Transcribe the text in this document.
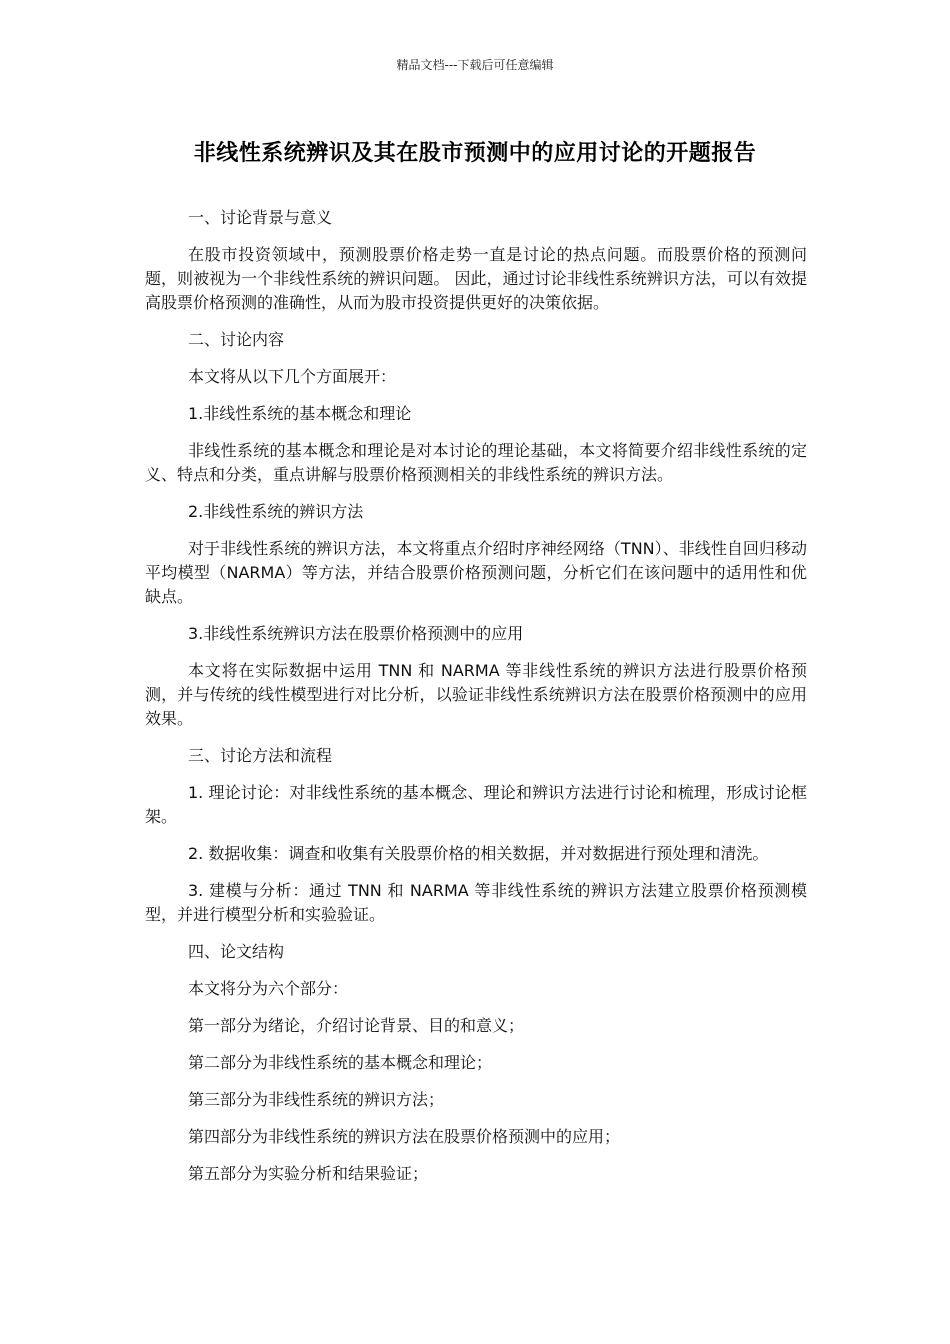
精品文档---下载后可任意编辑
非线性系统辨识及其在股市预测中的应用讨论的开题报告

一、讨论背景与意义

在股市投资领域中，预测股票价格走势一直是讨论的热点问题。而股票价格的预测问题，则被视为一个非线性系统的辨识问题。 因此，通过讨论非线性系统辨识方法，可以有效提高股票价格预测的准确性，从而为股市投资提供更好的决策依据。

二、讨论内容

本文将从以下几个方面展开：

1.非线性系统的基本概念和理论

非线性系统的基本概念和理论是对本讨论的理论基础，本文将简要介绍非线性系统的定义、特点和分类，重点讲解与股票价格预测相关的非线性系统的辨识方法。

2.非线性系统的辨识方法

对于非线性系统的辨识方法，本文将重点介绍时序神经网络（TNN）、非线性自回归移动平均模型（NARMA）等方法，并结合股票价格预测问题，分析它们在该问题中的适用性和优缺点。

3.非线性系统辨识方法在股票价格预测中的应用

本文将在实际数据中运用 TNN 和 NARMA 等非线性系统的辨识方法进行股票价格预测，并与传统的线性模型进行对比分析，以验证非线性系统辨识方法在股票价格预测中的应用效果。

三、讨论方法和流程

1. 理论讨论：对非线性系统的基本概念、理论和辨识方法进行讨论和梳理，形成讨论框架。

2. 数据收集：调查和收集有关股票价格的相关数据，并对数据进行预处理和清洗。

3. 建模与分析：通过 TNN 和 NARMA 等非线性系统的辨识方法建立股票价格预测模型，并进行模型分析和实验验证。

四、论文结构

本文将分为六个部分：

第一部分为绪论，介绍讨论背景、目的和意义；

第二部分为非线性系统的基本概念和理论；

第三部分为非线性系统的辨识方法；

第四部分为非线性系统的辨识方法在股票价格预测中的应用；

第五部分为实验分析和结果验证；
